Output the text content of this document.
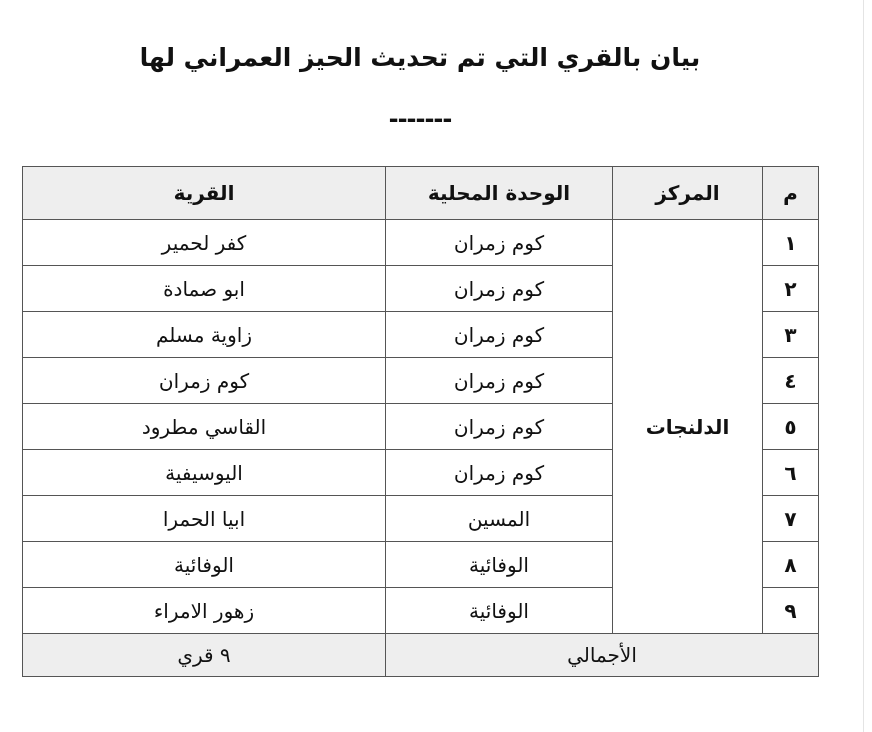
بيان بالقري التي تم تحديث الحيز العمراني لها
-------
م	المركز	الوحدة المحلية	القرية
١	الدلنجات	كوم زمران	كفر لحمير
٢		كوم زمران	ابو صمادة
٣		كوم زمران	زاوية مسلم
٤		كوم زمران	كوم زمران
٥		كوم زمران	القاسي مطرود
٦		كوم زمران	اليوسيفية
٧		المسين	ابيا الحمرا
٨		الوفائية	الوفائية
٩		الوفائية	زهور الامراء
الأجمالي			٩ قري
